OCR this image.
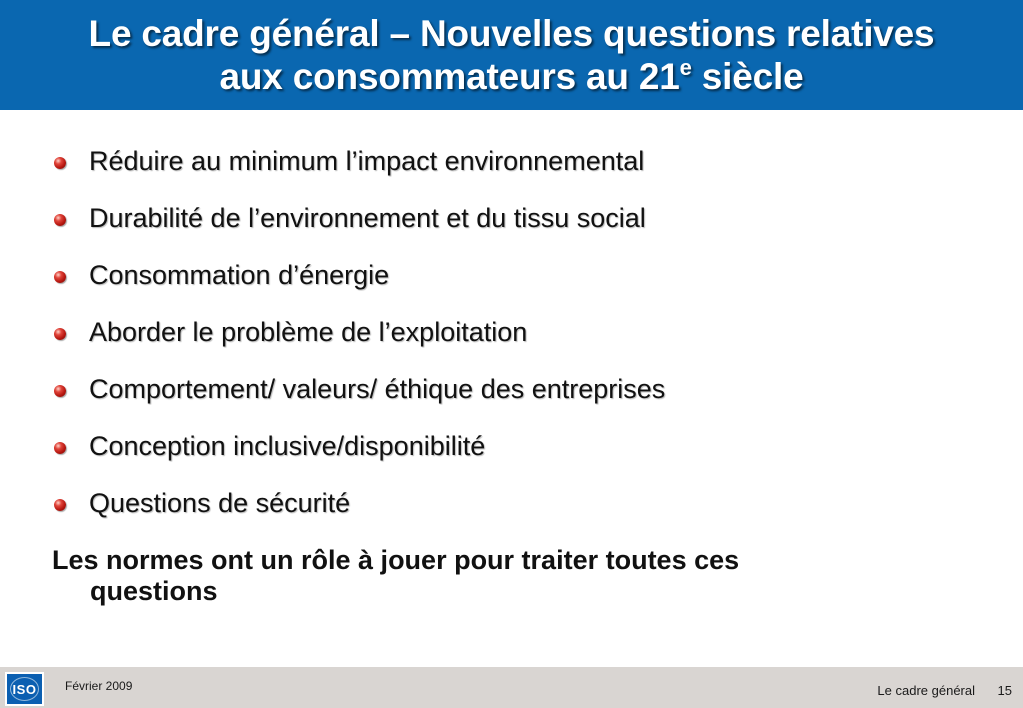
Le cadre général – Nouvelles questions relatives
aux consommateurs au 21e siècle
Réduire au minimum l’impact environnemental
Durabilité de l’environnement et du tissu social
Consommation d’énergie
Aborder le problème de l’exploitation
Comportement/ valeurs/ éthique des entreprises
Conception inclusive/disponibilité
Questions de sécurité
Les normes ont un rôle à jouer pour traiter toutes ces
questions
ISO Février 2009	Le cadre général 15
